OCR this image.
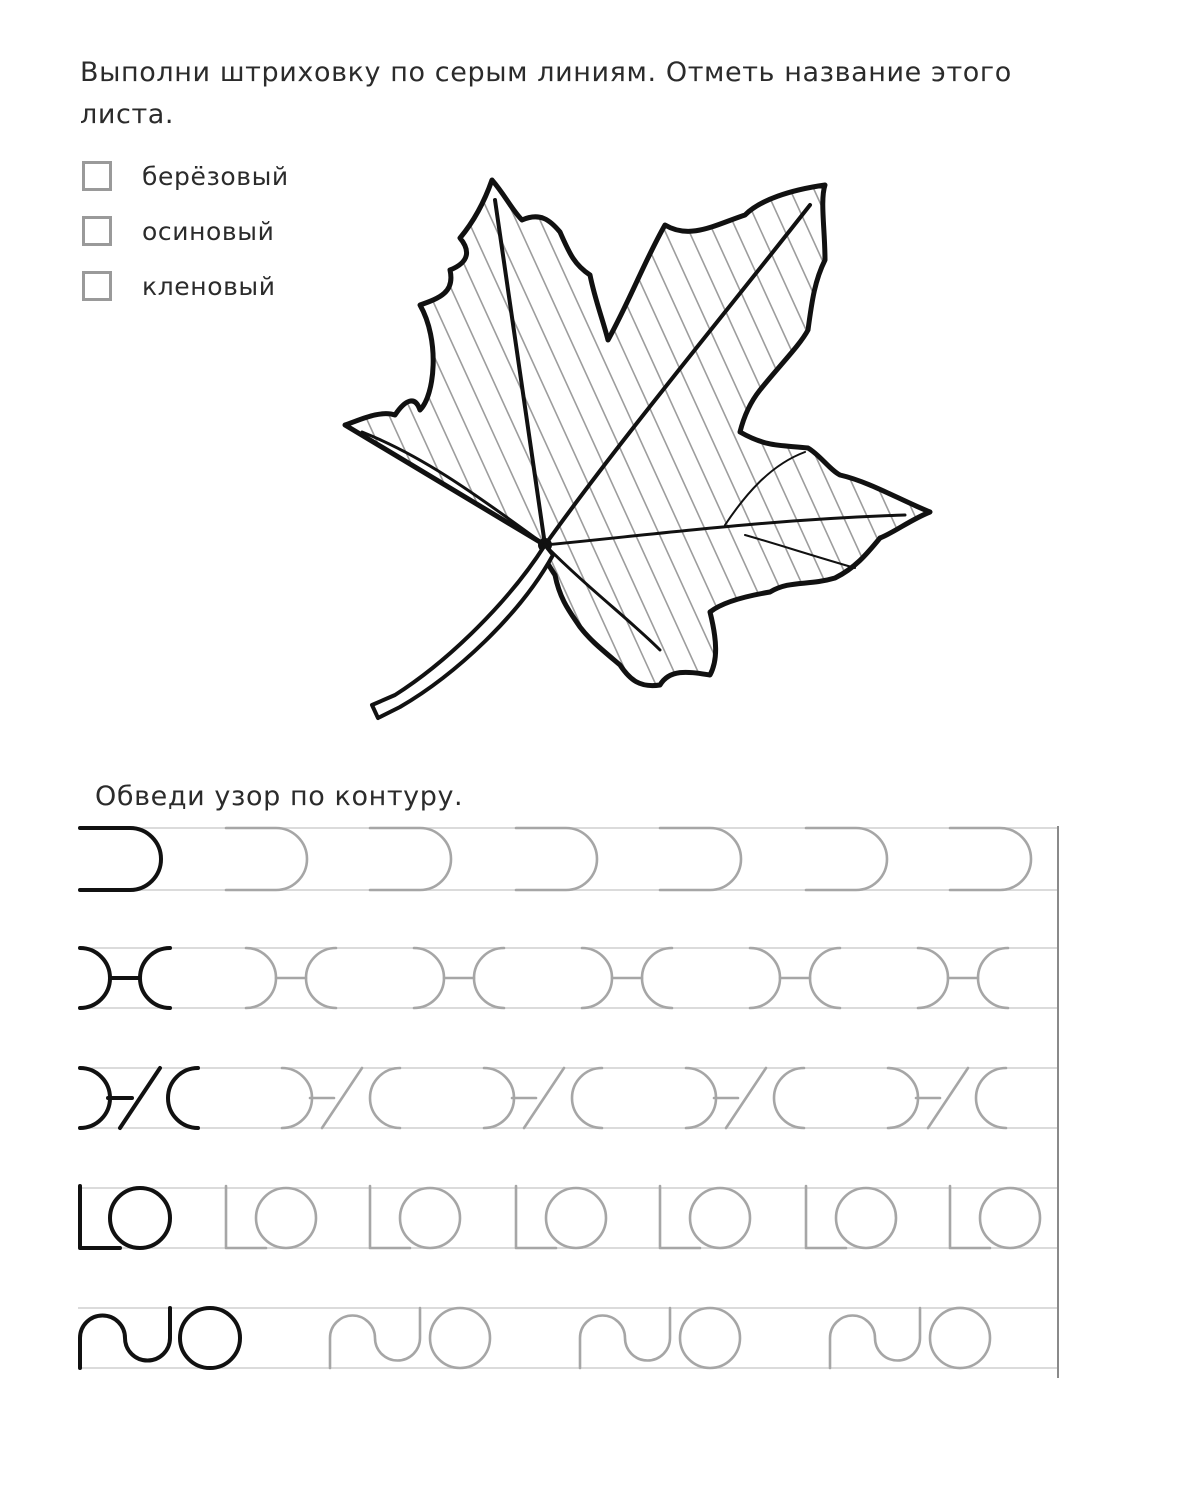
Выполни штриховку по серым линиям. Отметь название этого листа.
берёзовый
осиновый
кленовый
Обведи узор по контуру.
